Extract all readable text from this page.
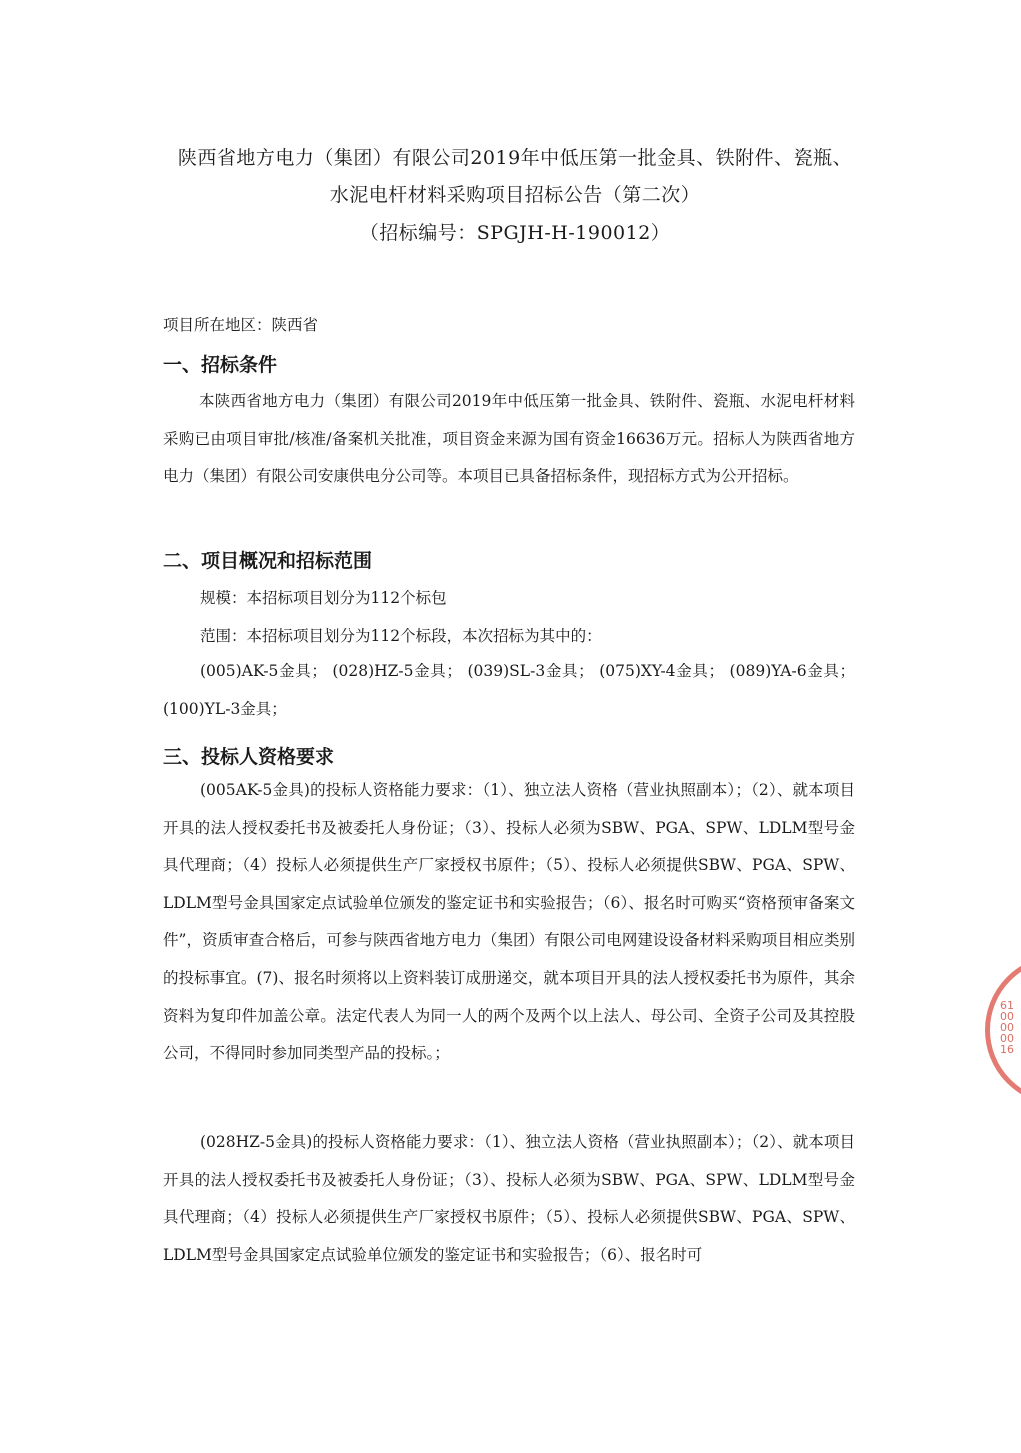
陕西省地方电力（集团）有限公司2019年中低压第一批金具、铁附件、瓷瓶、
水泥电杆材料采购项目招标公告（第二次）
（招标编号：SPGJH-H-190012）
项目所在地区：陕西省
一、招标条件

本陕西省地方电力（集团）有限公司2019年中低压第一批金具、铁附件、瓷瓶、水泥电杆材料采购已由项目审批/核准/备案机关批准，项目资金来源为国有资金16636万元。招标人为陕西省地方电力（集团）有限公司安康供电分公司等。本项目已具备招标条件，现招标方式为公开招标。

二、项目概况和招标范围
规模：本招标项目划分为112个标包
范围：本招标项目划分为112个标段，本次招标为其中的：

(005)AK-5金具； (028)HZ-5金具； (039)SL-3金具； (075)XY-4金具； (089)YA-6金具； (100)YL-3金具；

三、投标人资格要求

(005AK-5金具)的投标人资格能力要求：（1）、独立法人资格（营业执照副本）；（2）、就本项目开具的法人授权委托书及被委托人身份证；（3）、投标人必须为SBW、PGA、SPW、LDLM型号金具代理商；（4）投标人必须提供生产厂家授权书原件；（5）、投标人必须提供SBW、PGA、SPW、LDLM型号金具国家定点试验单位颁发的鉴定证书和实验报告；（6）、报名时可购买“资格预审备案文件”，资质审查合格后，可参与陕西省地方电力（集团）有限公司电网建设设备材料采购项目相应类别的投标事宜。(7)、报名时须将以上资料装订成册递交，就本项目开具的法人授权委托书为原件，其余资料为复印件加盖公章。法定代表人为同一人的两个及两个以上法人、母公司、全资子公司及其控股公司，不得同时参加同类型产品的投标。；

(028HZ-5金具)的投标人资格能力要求：（1）、独立法人资格（营业执照副本）；（2）、就本项目开具的法人授权委托书及被委托人身份证；（3）、投标人必须为SBW、PGA、SPW、LDLM型号金具代理商；（4）投标人必须提供生产厂家授权书原件；（5）、投标人必须提供SBW、PGA、SPW、LDLM型号金具国家定点试验单位颁发的鉴定证书和实验报告；（6）、报名时可

6100000016
